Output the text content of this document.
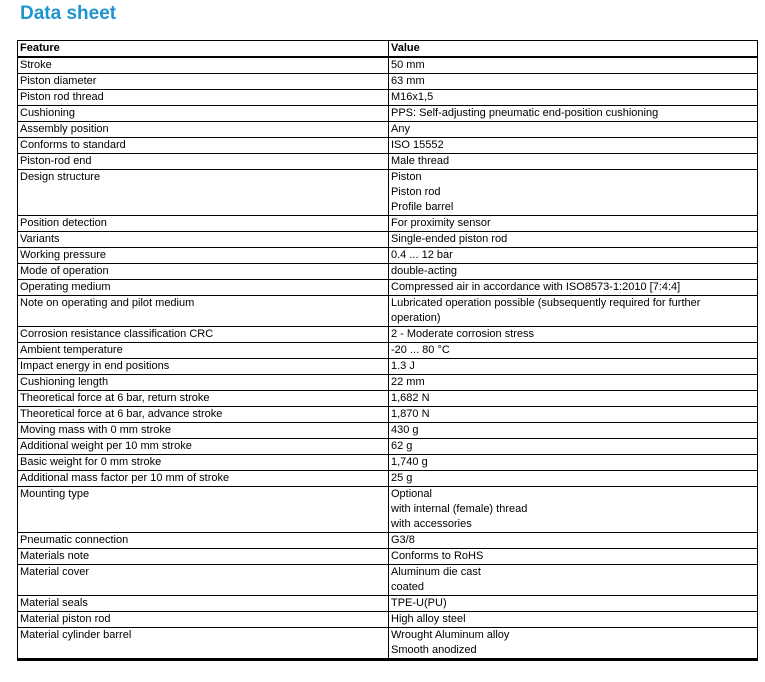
Data sheet
Feature	Value
Stroke	50 mm

Piston diameter	63 mm

Piston rod thread	M16x1,5

Cushioning	PPS: Self-adjusting pneumatic end-position cushioning

Assembly position	Any

Conforms to standard	ISO 15552

Piston-rod end	Male thread

Design structure	Piston
Piston rod
Profile barrel

Position detection	For proximity sensor

Variants	Single-ended piston rod

Working pressure	0.4 ... 12 bar

Mode of operation	double-acting

Operating medium	Compressed air in accordance with ISO8573-1:2010 [7:4:4]

Note on operating and pilot medium	Lubricated operation possible (subsequently required for further
operation)

Corrosion resistance classification CRC	2 - Moderate corrosion stress

Ambient temperature	-20 ... 80 °C

Impact energy in end positions	1.3 J

Cushioning length	22 mm

Theoretical force at 6 bar, return stroke	1,682 N

Theoretical force at 6 bar, advance stroke	1,870 N

Moving mass with 0 mm stroke	430 g

Additional weight per 10 mm stroke	62 g

Basic weight for 0 mm stroke	1,740 g

Additional mass factor per 10 mm of stroke	25 g

Mounting type	Optional
with internal (female) thread
with accessories

Pneumatic connection	G3/8

Materials note	Conforms to RoHS

Material cover	Aluminum die cast
coated

Material seals	TPE-U(PU)

Material piston rod	High alloy steel

Material cylinder barrel	Wrought Aluminum alloy
Smooth anodized
